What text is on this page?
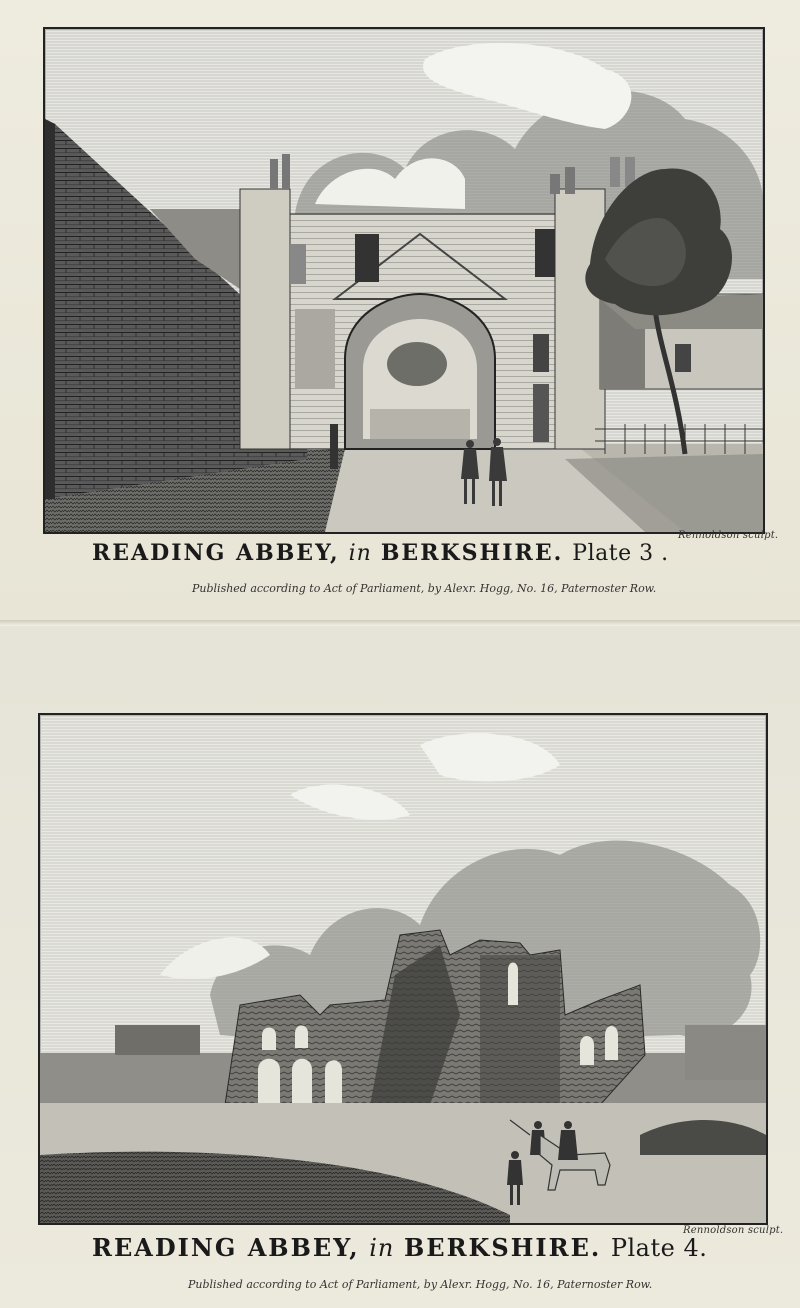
Rennoldson sculpt.
READING ABBEY, in BERKSHIRE. Plate 3 .
Published according to Act of Parliament, by Alexr. Hogg, No. 16, Paternoster Row.
Rennoldson sculpt.
READING ABBEY, in BERKSHIRE. Plate 4.
Published according to Act of Parliament, by Alexr. Hogg, No. 16, Paternoster Row.
